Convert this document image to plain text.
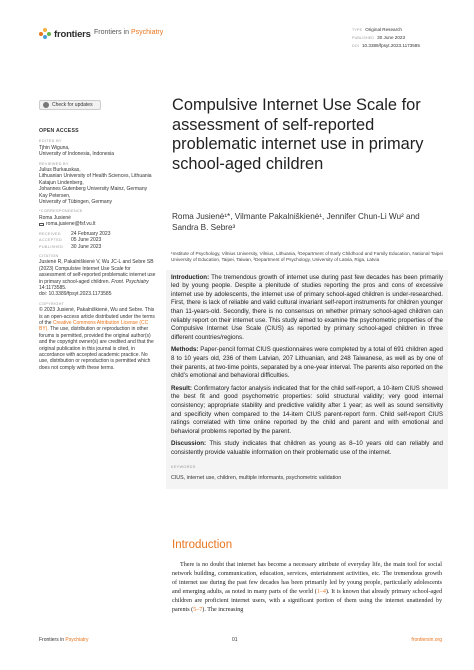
frontiers Frontiers in Psychiatry	TYPE Original Research
PUBLISHED 30 June 2023
DOI 10.3389/fpsyt.2023.1173585
Check for updates
OPEN ACCESS
EDITED BY
Tjhin Wiguna,
University of Indonesia, Indonesia
REVIEWED BY
Julius Burkauskas,
Lithuanian University of Health Sciences, Lithuania
Katajun Lindenberg,
Johannes Gutenberg University Mainz, Germany
Kay Petersen,
University of Tübingen, Germany
*CORRESPONDENCE
Roma Jusienė
roma.jusiene@fsf.vu.lt
RECEIVED	24 February 2023
ACCEPTED	05 June 2023
PUBLISHED	30 June 2023
CITATION
Jusienė R, Pakalniškienė V, Wu JC-L and Sebre SB (2023) Compulsive Internet Use Scale for assessment of self-reported problematic internet use in primary school-aged children. Front. Psychiatry 14:1173585.
doi: 10.3389/fpsyt.2023.1173585
COPYRIGHT
© 2023 Jusienė, Pakalniškienė, Wu and Sebre. This is an open-access article distributed under the terms of the Creative Commons Attribution License (CC BY). The use, distribution or reproduction in other forums is permitted, provided the original author(s) and the copyright owner(s) are credited and that the original publication in this journal is cited, in accordance with accepted academic practice. No use, distribution or reproduction is permitted which does not comply with these terms.
Compulsive Internet Use Scale for assessment of self-reported problematic internet use in primary school-aged children
Roma Jusienė¹*, Vilmante Pakalniškienė¹, Jennifer Chun-Li Wu² and Sandra B. Sebre³
¹Institute of Psychology, Vilnius University, Vilnius, Lithuania, ²Department of Early Childhood and Family Education, National Taipei University of Education, Taipei, Taiwan, ³Department of Psychology, University of Latvia, Riga, Latvia

Introduction: The tremendous growth of internet use during past few decades has been primarily led by young people. Despite a plenitude of studies reporting the pros and cons of excessive internet use by adolescents, the internet use of primary school-aged children is under-researched. First, there is lack of reliable and valid cultural invariant self-report instruments for children younger than 11-years-old. Secondly, there is no consensus on whether primary school-aged children can reliably report on their internet use. This study aimed to examine the psychometric properties of the Compulsive Internet Use Scale (CIUS) as reported by primary school-aged children in three different countries/regions.

Methods: Paper-pencil format CIUS questionnaires were completed by a total of 691 children aged 8 to 10 years old, 236 of them Latvian, 207 Lithuanian, and 248 Taiwanese, as well as by one of their parents, at two-time points, separated by a one-year interval. The parents also reported on the child’s emotional and behavioral difficulties.

Result: Confirmatory factor analysis indicated that for the child self-report, a 10-item CIUS showed the best fit and good psychometric properties: solid structural validity; very good internal consistency; appropriate stability and predictive validity after 1 year; as well as sound sensitivity and specificity when compared to the 14-item CIUS parent-report form. Child self-report CIUS ratings correlated with time online reported by the child and parent and with emotional and behavioral problems reported by the parent.

Discussion: This study indicates that children as young as 8–10 years old can reliably and consistently provide valuable information on their problematic use of the internet.

KEYWORDS
CIUS, internet use, children, multiple informants, psychometric validation
Introduction
There is no doubt that internet has become a necessary attribute of everyday life, the main tool for social network building, communication, education, services, entertainment activities, etc. The tremendous growth of internet use during the past few decades has been primarily led by young people, particularly adolescents and emerging adults, as noted in many parts of the world (1–4). It is known that already primary school-aged children are proficient internet users, with a significant portion of them using the internet unattended by parents (5–7). The increasing
Frontiers in Psychiatry	01	frontiersin.org
